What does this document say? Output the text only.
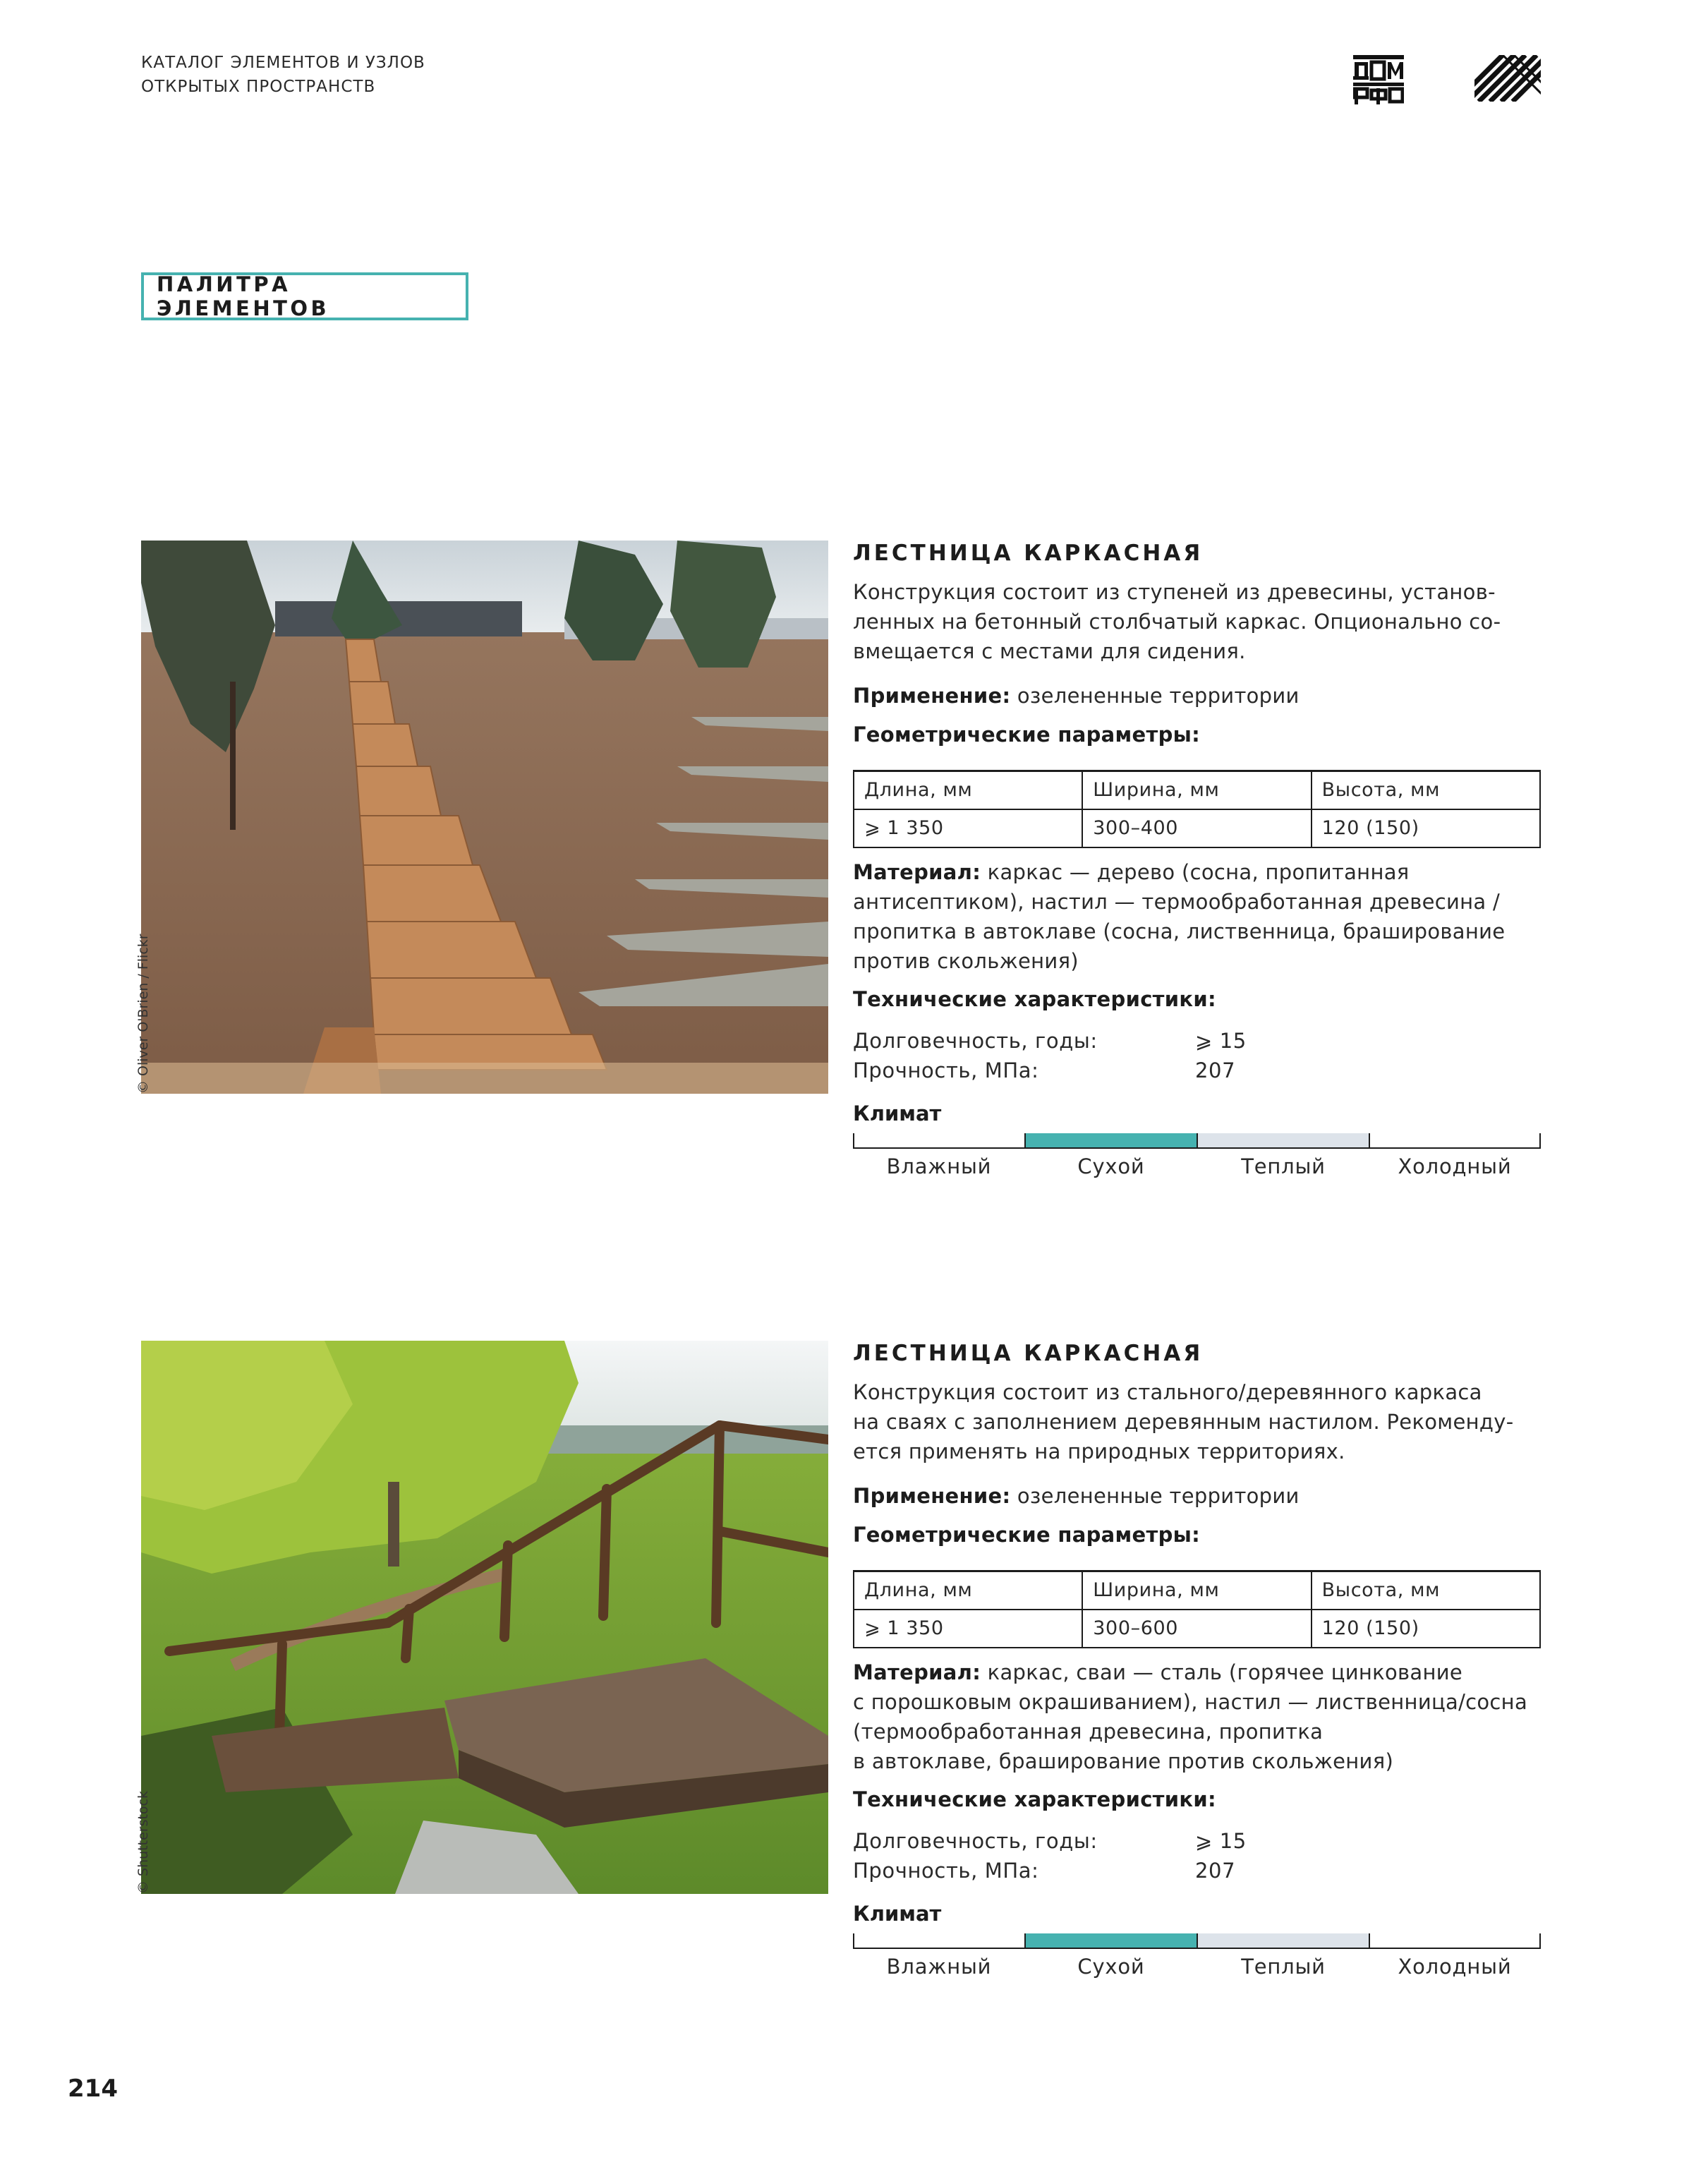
КАТАЛОГ ЭЛЕМЕНТОВ И УЗЛОВ
ОТКРЫТЫХ ПРОСТРАНСТВ
ПАЛИТРА ЭЛЕМЕНТОВ
© Oliver O'Brien / Flickr
ЛЕСТНИЦА КАРКАСНАЯ
Конструкция состоит из ступеней из древесины, установ-
ленных на бетонный столбчатый каркас. Опционально со-
вмещается с местами для сидения.
Применение: озелененные территории
Геометрические параметры:
Длина, мм	Ширина, мм	Высота, мм
⩾ 1 350	300–400	120 (150)
Материал: каркас — дерево (сосна, пропитанная
антисептиком), настил — термообработанная древесина /
пропитка в автоклаве (сосна, лиственница, браширование
против скольжения)
Технические характеристики:
Долговечность, годы:	⩾ 15
Прочность, МПа:	207
Климат
Влажный	Сухой	Теплый	Холодный
© Shutterstock
ЛЕСТНИЦА КАРКАСНАЯ
Конструкция состоит из стального/деревянного каркаса
на сваях с заполнением деревянным настилом. Рекоменду-
ется применять на природных территориях.
Применение: озелененные территории
Геометрические параметры:
Длина, мм	Ширина, мм	Высота, мм
⩾ 1 350	300–600	120 (150)
Материал: каркас, сваи — сталь (горячее цинкование
с порошковым окрашиванием), настил — лиственница/сосна
(термообработанная древесина, пропитка
в автоклаве, браширование против скольжения)
Технические характеристики:
Долговечность, годы:	⩾ 15
Прочность, МПа:	207
Климат
Влажный	Сухой	Теплый	Холодный
214
